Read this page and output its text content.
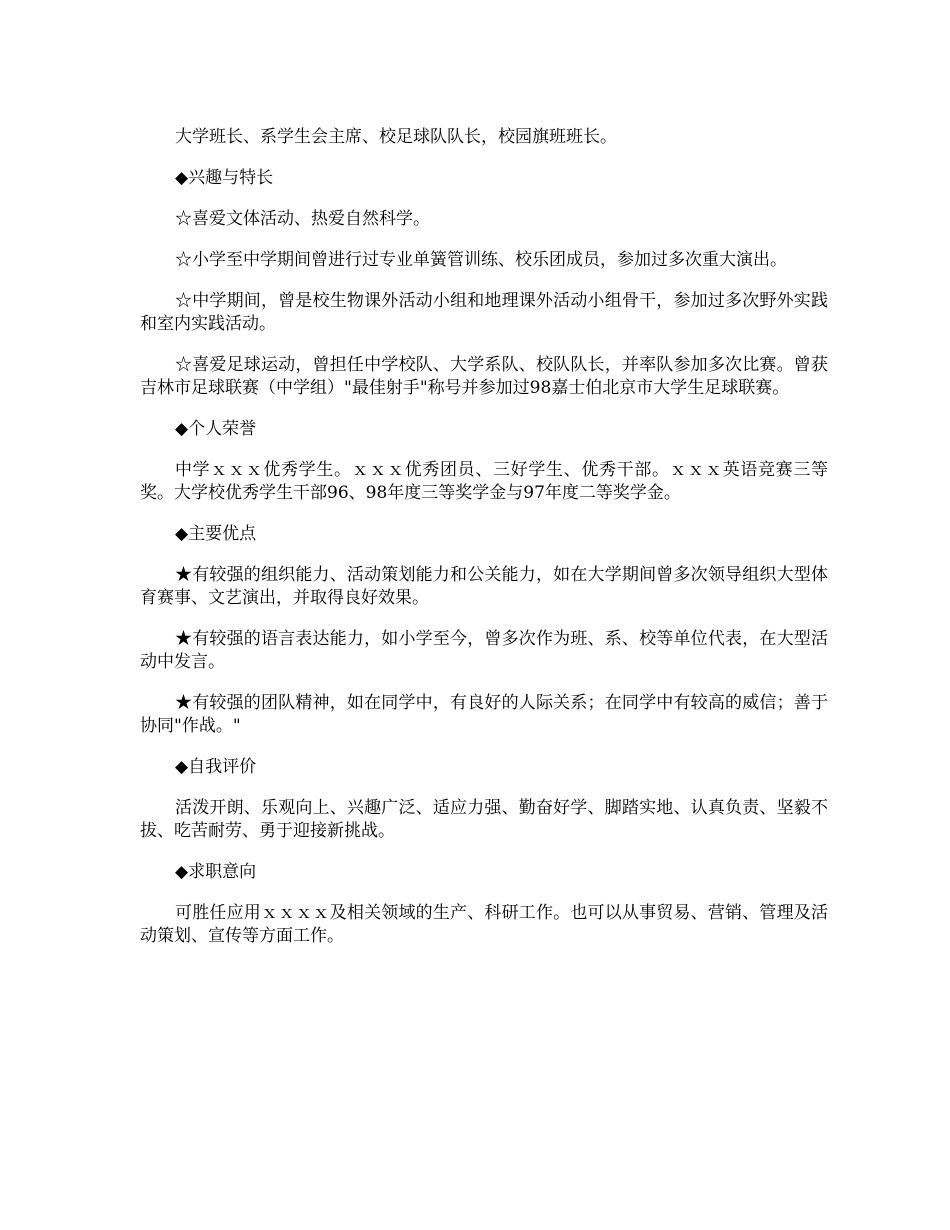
大学班长、系学生会主席、校足球队队长，校园旗班班长。

◆兴趣与特长

☆喜爱文体活动、热爱自然科学。

☆小学至中学期间曾进行过专业单簧管训练、校乐团成员，参加过多次重大演出。

☆中学期间，曾是校生物课外活动小组和地理课外活动小组骨干，参加过多次野外实践和室内实践活动。

☆喜爱足球运动，曾担任中学校队、大学系队、校队队长，并率队参加多次比赛。曾获吉林市足球联赛（中学组）"最佳射手"称号并参加过98嘉士伯北京市大学生足球联赛。

◆个人荣誉

中学ｘｘｘ优秀学生。ｘｘｘ优秀团员、三好学生、优秀干部。ｘｘｘ英语竞赛三等奖。大学校优秀学生干部96、98年度三等奖学金与97年度二等奖学金。

◆主要优点

★有较强的组织能力、活动策划能力和公关能力，如在大学期间曾多次领导组织大型体育赛事、文艺演出，并取得良好效果。

★有较强的语言表达能力，如小学至今，曾多次作为班、系、校等单位代表，在大型活动中发言。

★有较强的团队精神，如在同学中，有良好的人际关系；在同学中有较高的威信；善于协同"作战。"

◆自我评价

活泼开朗、乐观向上、兴趣广泛、适应力强、勤奋好学、脚踏实地、认真负责、坚毅不拔、吃苦耐劳、勇于迎接新挑战。

◆求职意向

可胜任应用ｘｘｘｘ及相关领域的生产、科研工作。也可以从事贸易、营销、管理及活动策划、宣传等方面工作。
